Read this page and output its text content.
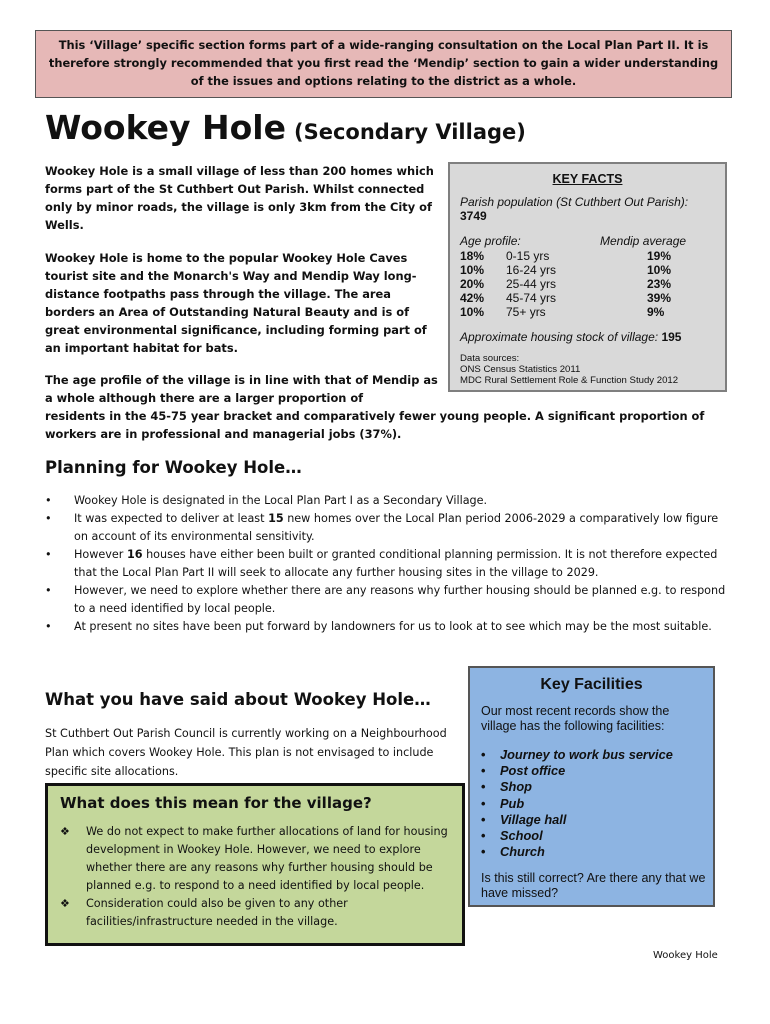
This ‘Village’ specific section forms part of a wide-ranging consultation on the Local Plan Part II. It is therefore strongly recommended that you first read the ‘Mendip’ section to gain a wider understanding of the issues and options relating to the district as a whole.
Wookey Hole (Secondary Village)
Wookey Hole is a small village of less than 200 homes which forms part of the St Cuthbert Out Parish. Whilst connected only by minor roads, the village is only 3km from the City of Wells.
Wookey Hole is home to the popular Wookey Hole Caves tourist site and the Monarch's Way and Mendip Way long-distance footpaths pass through the village. The area borders an Area of Outstanding Natural Beauty and is of great environmental significance, including forming part of an important habitat for bats.
The age profile of the village is in line with that of Mendip as a whole although there are a larger proportion of
residents in the 45-75 year bracket and comparatively fewer young people. A significant proportion of workers are in professional and managerial jobs (37%).
KEY FACTS
Parish population (St Cuthbert Out Parish):
3749
Age profile:	Mendip average
18% 0-15 yrs	19%
10% 16-24 yrs	10%
20% 25-44 yrs	23%
42% 45-74 yrs	39%
10% 75+ yrs	9%
Approximate housing stock of village: 195
Data sources:
ONS Census Statistics 2011
MDC Rural Settlement Role & Function Study 2012
Planning for Wookey Hole…
• Wookey Hole is designated in the Local Plan Part I as a Secondary Village.
• It was expected to deliver at least 15 new homes over the Local Plan period 2006-2029 a comparatively low figure on account of its environmental sensitivity.
• However 16 houses have either been built or granted conditional planning permission. It is not therefore expected that the Local Plan Part II will seek to allocate any further housing sites in the village to 2029.
• However, we need to explore whether there are any reasons why further housing should be planned e.g. to respond to a need identified by local people.
• At present no sites have been put forward by landowners for us to look at to see which may be the most suitable.
What you have said about Wookey Hole…
St Cuthbert Out Parish Council is currently working on a Neighbourhood Plan which covers Wookey Hole. This plan is not envisaged to include specific site allocations.
What does this mean for the village?
❖ We do not expect to make further allocations of land for housing development in Wookey Hole. However, we need to explore whether there are any reasons why further housing should be planned e.g. to respond to a need identified by local people.
❖ Consideration could also be given to any other facilities/infrastructure needed in the village.
Key Facilities
Our most recent records show the village has the following facilities:
• Journey to work bus service
• Post office
• Shop
• Pub
• Village hall
• School
• Church
Is this still correct? Are there any that we have missed?
Wookey Hole
